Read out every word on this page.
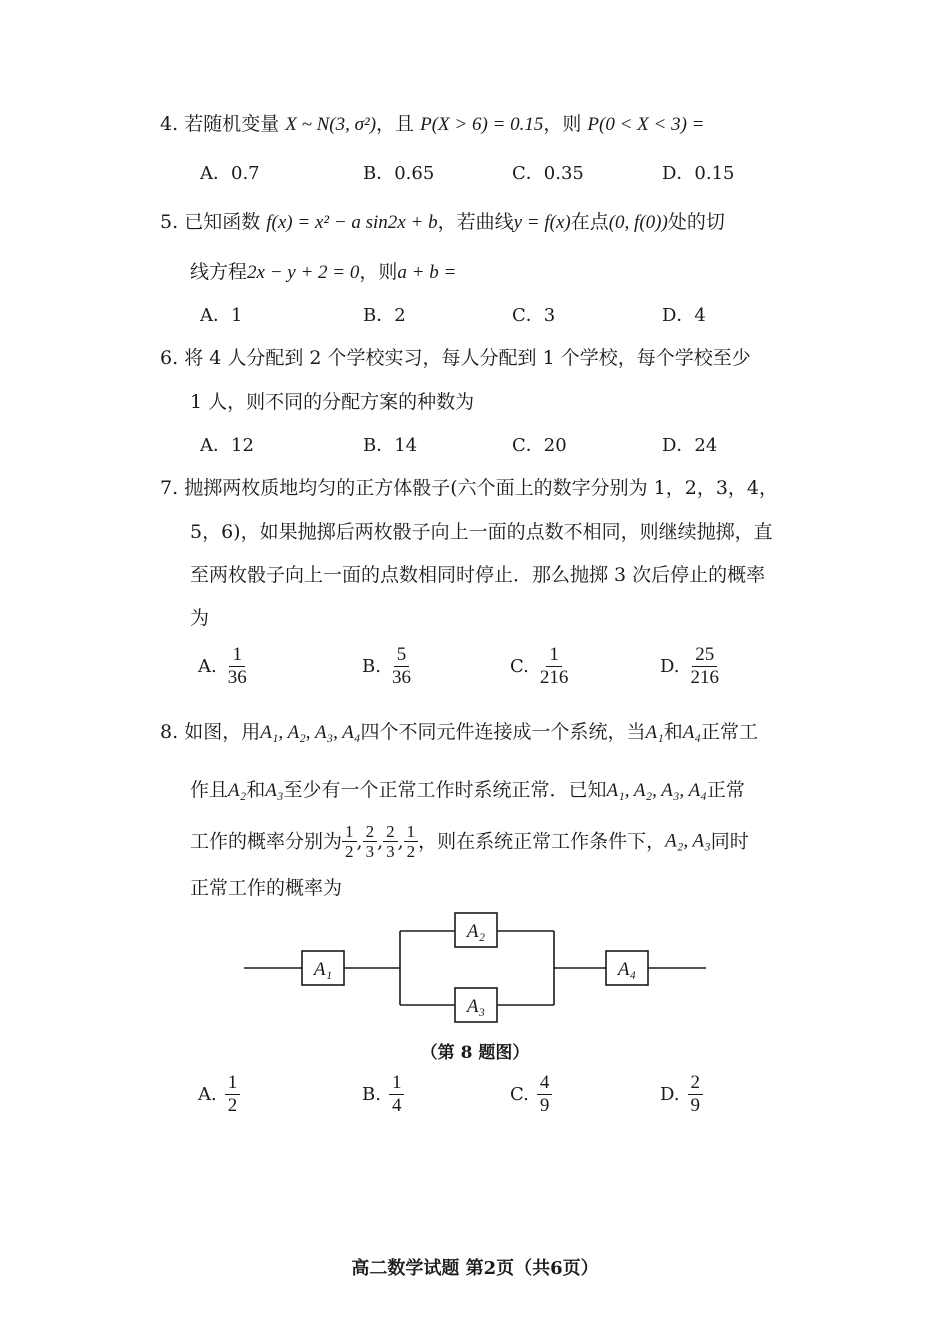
4. 若随机变量 X ~ N(3, σ²)，且 P(X > 6) = 0.15，则 P(0 < X < 3) =
A．0.7	B．0.65	C．0.35	D．0.15
5. 已知函数 f(x) = x² − a sin2x + b，若曲线y = f(x)在点(0, f(0))处的切
线方程2x − y + 2 = 0，则a + b =
A．1	B．2	C．3	D．4
6. 将 4 人分配到 2 个学校实习，每人分配到 1 个学校，每个学校至少
1 人，则不同的分配方案的种数为
A．12	B．14	C．20	D．24
7. 抛掷两枚质地均匀的正方体骰子(六个面上的数字分别为 1，2，3，4，
5，6)，如果抛掷后两枚骰子向上一面的点数不相同，则继续抛掷，直
至两枚骰子向上一面的点数相同时停止．那么抛掷 3 次后停止的概率
为
A. $\frac{1}{36}$	B. $\frac{5}{36}$	C. $\frac{1}{216}$	D. $\frac{25}{216}$
8. 如图，用A₁, A₂, A₃, A₄四个不同元件连接成一个系统，当A₁和A₄正常工
作且A₂和A₃至少有一个正常工作时系统正常．已知A₁, A₂, A₃, A₄正常
工作的概率分别为 $\frac{1}{2}$ , $\frac{2}{3}$ , $\frac{2}{3}$ , $\frac{1}{2}$ ，则在系统正常工作条件下，A₂, A₃同时
正常工作的概率为
A₁
A₂
A₃
A₄
（第 8 题图）
A. $\frac{1}{2}$	B. $\frac{1}{4}$	C. $\frac{4}{9}$	D. $\frac{2}{9}$
高二数学试题 第2页（共6页）
